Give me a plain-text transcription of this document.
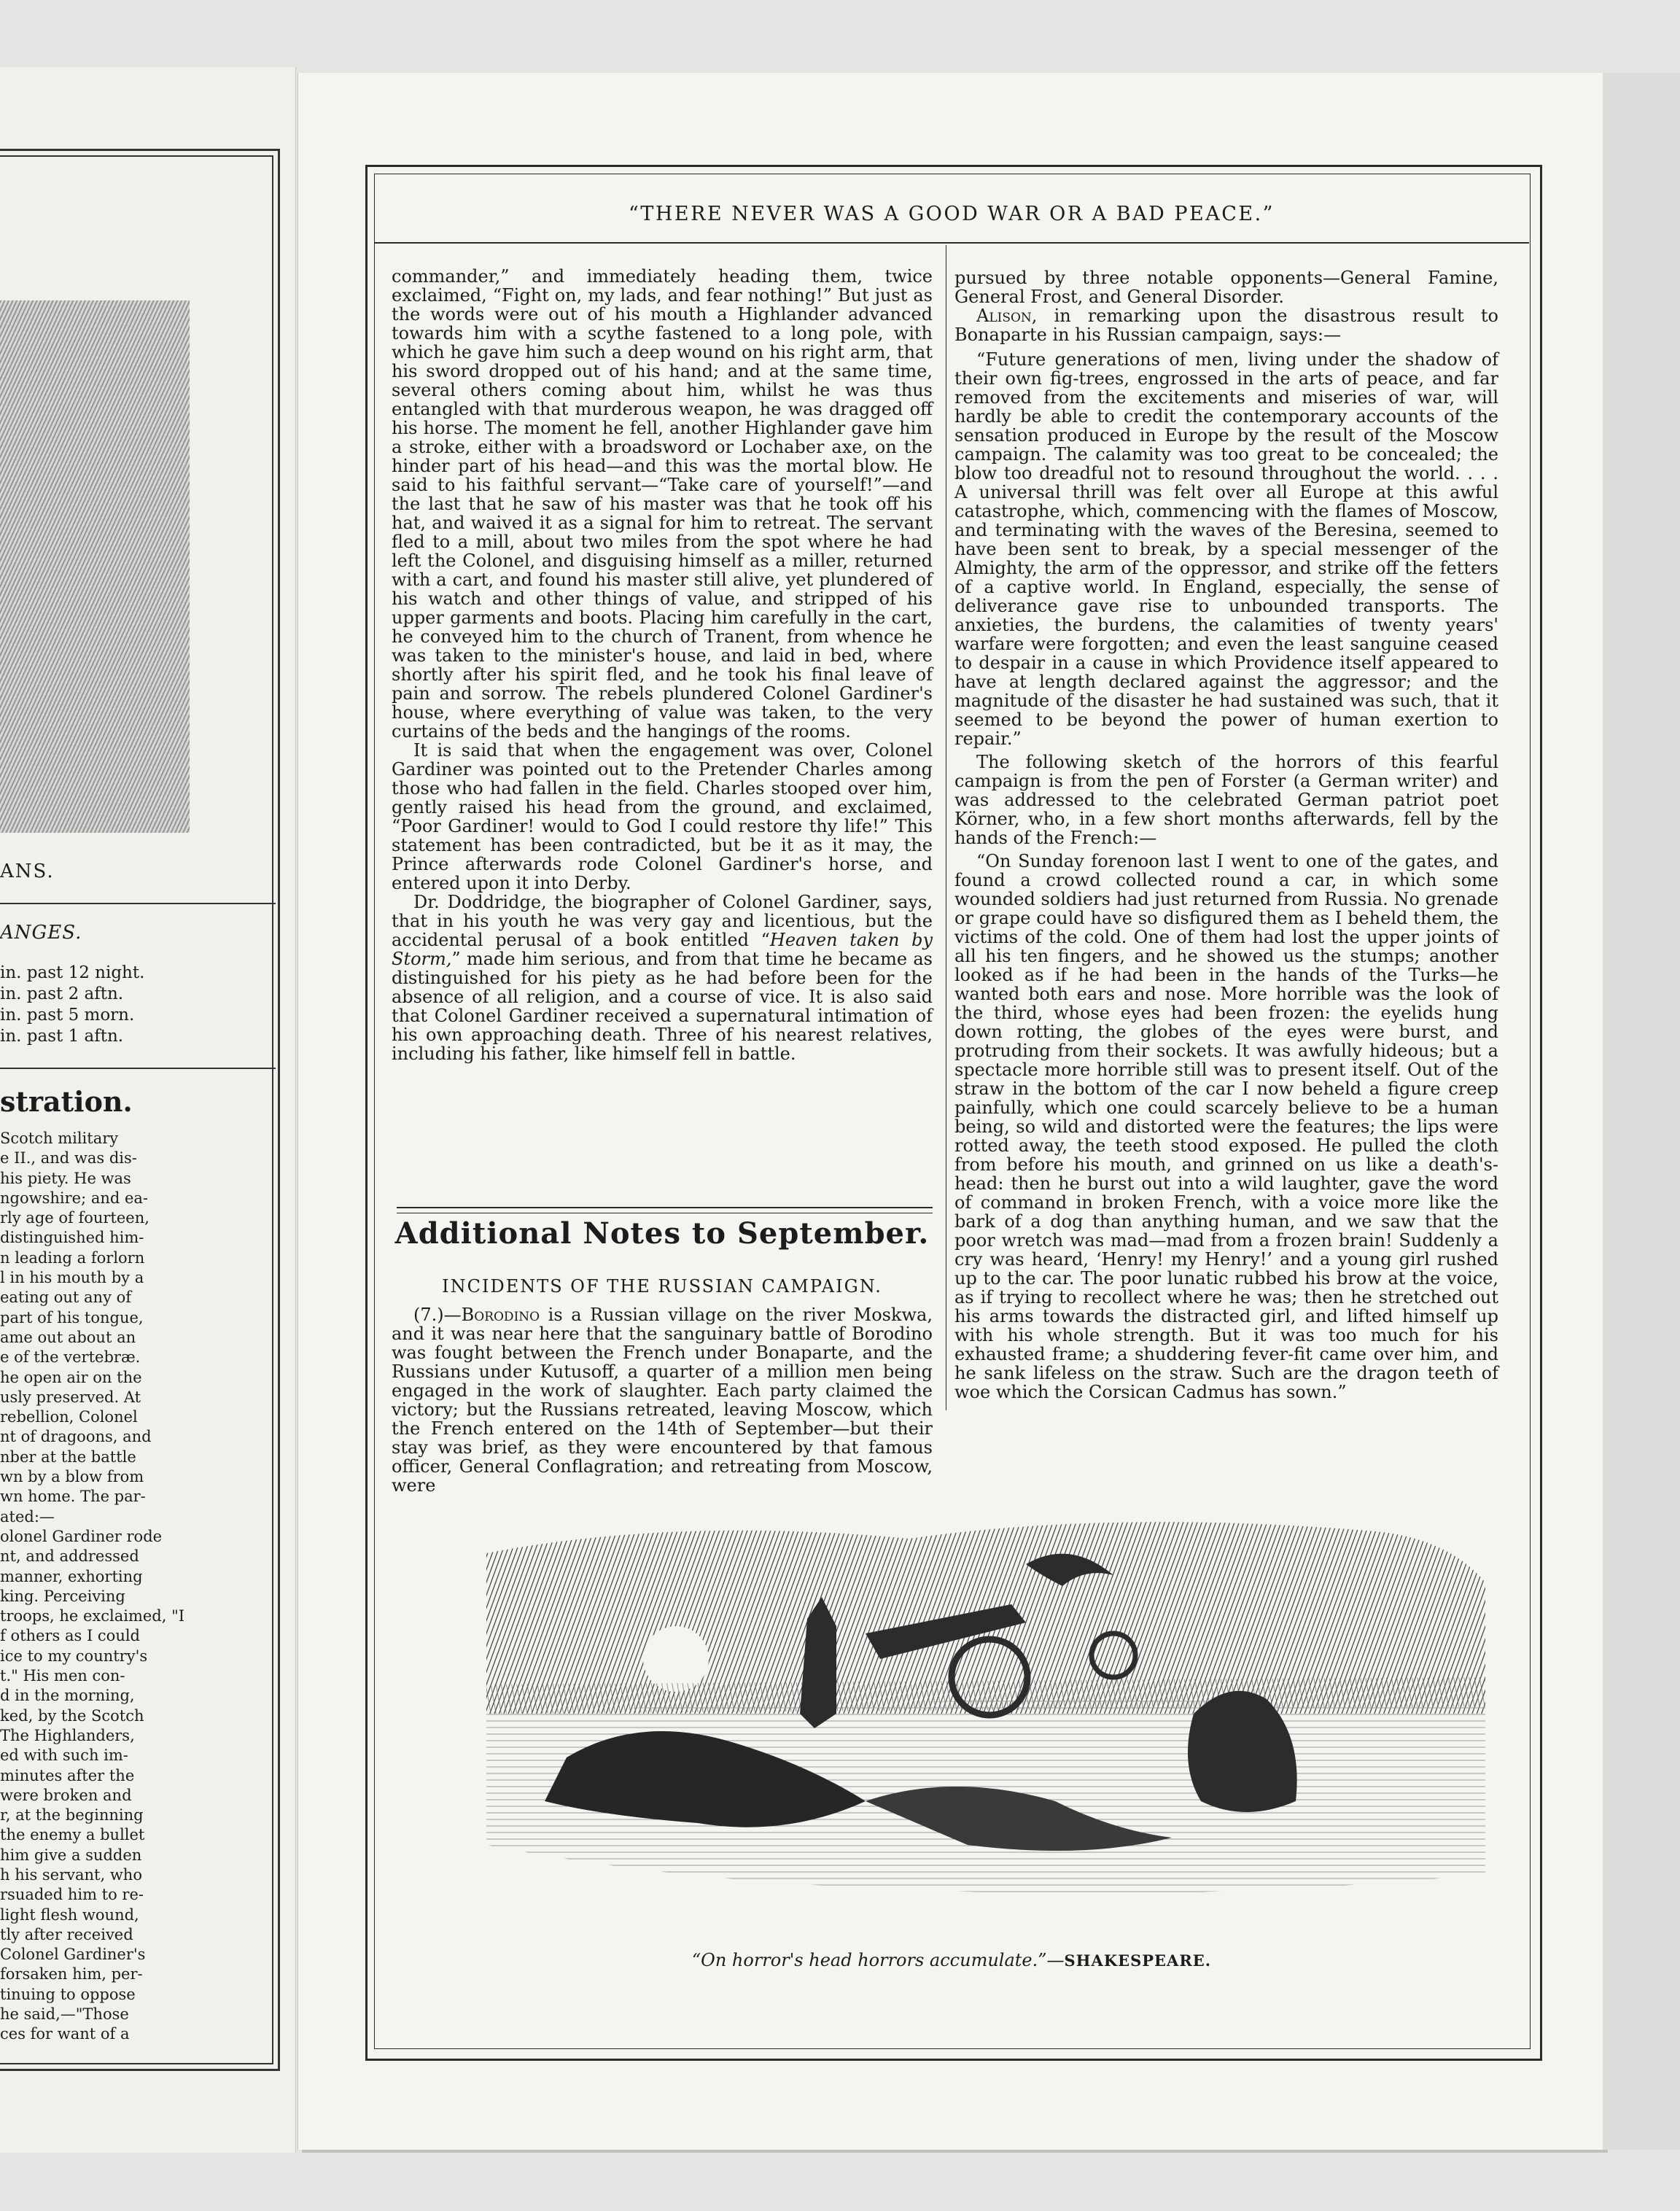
ANS.
ANGES.
in. past 12 night.
in. past 2 aftn.
in. past 5 morn.
in. past 1 aftn.
stration.
Scotch military
e II., and was dis-
his piety. He was
ngowshire; and ea-
rly age of fourteen,
distinguished him-
n leading a forlorn
l in his mouth by a
eating out any of
part of his tongue,
ame out about an
e of the vertebræ.
he open air on the
usly preserved. At
rebellion, Colonel
nt of dragoons, and
nber at the battle
wn by a blow from
wn home. The par-
ated:—
olonel Gardiner rode
nt, and addressed
manner, exhorting
king. Perceiving
troops, he exclaimed, "I
f others as I could
ice to my country's
t." His men con-
d in the morning,
ked, by the Scotch
The Highlanders,
ed with such im-
minutes after the
were broken and
r, at the beginning
the enemy a bullet
him give a sudden
h his servant, who
rsuaded him to re-
light flesh wound,
tly after received
Colonel Gardiner's
forsaken him, per-
tinuing to oppose
he said,—"Those
ces for want of a
“THERE NEVER WAS A GOOD WAR OR A BAD PEACE.”

commander,” and immediately heading them, twice exclaimed, “Fight on, my lads, and fear nothing!” But just as the words were out of his mouth a Highlander advanced towards him with a scythe fastened to a long pole, with which he gave him such a deep wound on his right arm, that his sword dropped out of his hand; and at the same time, several others coming about him, whilst he was thus entangled with that murderous weapon, he was dragged off his horse. The moment he fell, another Highlander gave him a stroke, either with a broadsword or Lochaber axe, on the hinder part of his head—and this was the mortal blow. He said to his faithful servant—“Take care of yourself!”—and the last that he saw of his master was that he took off his hat, and waived it as a signal for him to retreat. The servant fled to a mill, about two miles from the spot where he had left the Colonel, and disguising himself as a miller, returned with a cart, and found his master still alive, yet plundered of his watch and other things of value, and stripped of his upper garments and boots. Placing him carefully in the cart, he conveyed him to the church of Tranent, from whence he was taken to the minister's house, and laid in bed, where shortly after his spirit fled, and he took his final leave of pain and sorrow. The rebels plundered Colonel Gardiner's house, where everything of value was taken, to the very curtains of the beds and the hangings of the rooms.

It is said that when the engagement was over, Colonel Gardiner was pointed out to the Pretender Charles among those who had fallen in the field. Charles stooped over him, gently raised his head from the ground, and exclaimed, “Poor Gardiner! would to God I could restore thy life!” This statement has been contradicted, but be it as it may, the Prince afterwards rode Colonel Gardiner's horse, and entered upon it into Derby.

Dr. Doddridge, the biographer of Colonel Gardiner, says, that in his youth he was very gay and licentious, but the accidental perusal of a book entitled “Heaven taken by Storm,” made him serious, and from that time he became as distinguished for his piety as he had before been for the absence of all religion, and a course of vice. It is also said that Colonel Gardiner received a supernatural intimation of his own approaching death. Three of his nearest relatives, including his father, like himself fell in battle.

Additional Notes to September.
INCIDENTS OF THE RUSSIAN CAMPAIGN.

(7.)—Borodino is a Russian village on the river Moskwa, and it was near here that the sanguinary battle of Borodino was fought between the French under Bonaparte, and the Russians under Kutusoff, a quarter of a million men being engaged in the work of slaughter. Each party claimed the victory; but the Russians retreated, leaving Moscow, which the French entered on the 14th of September—but their stay was brief, as they were encountered by that famous officer, General Conflagration; and retreating from Moscow, were

pursued by three notable opponents—General Famine, General Frost, and General Disorder.

Alison, in remarking upon the disastrous result to Bonaparte in his Russian campaign, says:—

“Future generations of men, living under the shadow of their own fig-trees, engrossed in the arts of peace, and far removed from the excitements and miseries of war, will hardly be able to credit the contemporary accounts of the sensation produced in Europe by the result of the Moscow campaign. The calamity was too great to be concealed; the blow too dreadful not to resound throughout the world. . . . A universal thrill was felt over all Europe at this awful catastrophe, which, commencing with the flames of Moscow, and terminating with the waves of the Beresina, seemed to have been sent to break, by a special messenger of the Almighty, the arm of the oppressor, and strike off the fetters of a captive world. In England, especially, the sense of deliverance gave rise to unbounded transports. The anxieties, the burdens, the calamities of twenty years' warfare were forgotten; and even the least sanguine ceased to despair in a cause in which Providence itself appeared to have at length declared against the aggressor; and the magnitude of the disaster he had sustained was such, that it seemed to be beyond the power of human exertion to repair.”

The following sketch of the horrors of this fearful campaign is from the pen of Forster (a German writer) and was addressed to the celebrated German patriot poet Körner, who, in a few short months afterwards, fell by the hands of the French:—

“On Sunday forenoon last I went to one of the gates, and found a crowd collected round a car, in which some wounded soldiers had just returned from Russia. No grenade or grape could have so disfigured them as I beheld them, the victims of the cold. One of them had lost the upper joints of all his ten fingers, and he showed us the stumps; another looked as if he had been in the hands of the Turks—he wanted both ears and nose. More horrible was the look of the third, whose eyes had been frozen: the eyelids hung down rotting, the globes of the eyes were burst, and protruding from their sockets. It was awfully hideous; but a spectacle more horrible still was to present itself. Out of the straw in the bottom of the car I now beheld a figure creep painfully, which one could scarcely believe to be a human being, so wild and distorted were the features; the lips were rotted away, the teeth stood exposed. He pulled the cloth from before his mouth, and grinned on us like a death's-head: then he burst out into a wild laughter, gave the word of command in broken French, with a voice more like the bark of a dog than anything human, and we saw that the poor wretch was mad—mad from a frozen brain! Suddenly a cry was heard, ‘Henry! my Henry!’ and a young girl rushed up to the car. The poor lunatic rubbed his brow at the voice, as if trying to recollect where he was; then he stretched out his arms towards the distracted girl, and lifted himself up with his whole strength. But it was too much for his exhausted frame; a shuddering fever-fit came over him, and he sank lifeless on the straw. Such are the dragon teeth of woe which the Corsican Cadmus has sown.”

“On horror's head horrors accumulate.”—SHAKESPEARE.
